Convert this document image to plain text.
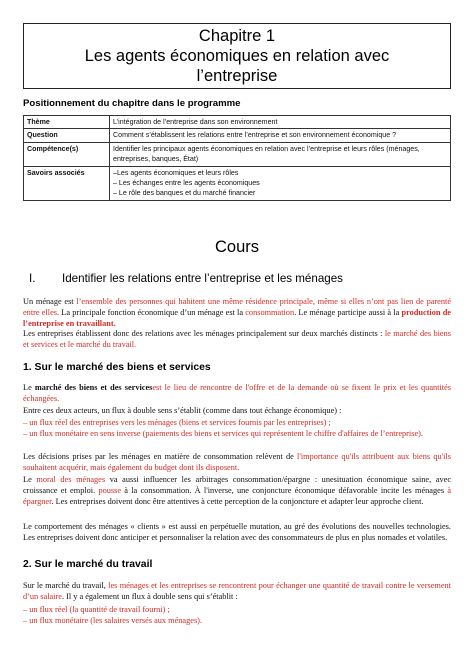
Chapitre 1
Les agents économiques en relation avec
l’entreprise
Positionnement du chapitre dans le programme
Thème	L’intégration de l’entreprise dans son environnement
Question	Comment s’établissent les relations entre l’entreprise et son environnement économique ?
Compétence(s)	Identifier les principaux agents économiques en relation avec l’entreprise et leurs rôles (ménages, entreprises, banques, État)
Savoirs associés	–Les agents économiques et leurs rôles
– Les échanges entre les agents économiques
– Le rôle des banques et du marché financier
Cours
I. Identifier les relations entre l’entreprise et les ménages

Un ménage est l’ensemble des personnes qui habitent une même résidence principale, même si elles n’ont pas lien de parenté entre elles. La principale fonction économique d’un ménage est la consommation. Le ménage participe aussi à la production de l’entreprise en travaillant.

Les entreprises établissent donc des relations avec les ménages principalement sur deux marchés distincts : le marché des biens et services et le marché du travail.

1. Sur le marché des biens et services

Le marché des biens et des servicesest le lieu de rencontre de l'offre et de la demande où se fixent le prix et les quantités échangées.

Entre ces deux acteurs, un flux à double sens s’établit (comme dans tout échange économique) :

– un flux réel des entreprises vers les ménages (biens et services fournis par les entreprises) ;

– un flux monétaire en sens inverse (paiements des biens et services qui représentent le chiffre d'affaires de l’entreprise).

Les décisions prises par les ménages en matière de consommation relèvent de l'importance qu'ils attribuent aux biens qu'ils souhaitent acquérir, mais également du budget dont ils disposent.

Le moral des ménages va aussi influencer les arbitrages consommation/épargne : unesituation économique saine, avec croissance et emploi. pousse à la consommation. À l'inverse, une conjoncture économique défavorable incite les ménages à épargner. Les entreprises doivent donc être attentives à cette perception de la conjoncture et adapter leur approche client.

Le comportement des ménages « clients » est aussi en perpétuelle mutation, au gré des évolutions des nouvelles technologies. Les entreprises doivent donc anticiper et personnaliser la relation avec des consommateurs de plus en plus nomades et volatiles.

2. Sur le marché du travail

Sur le marché du travail, les ménages et les entreprises se rencontrent pour échanger une quantité de travail contre le versement d’un salaire. Il y a également un flux à double sens qui s’établit :

– un flux réel (la quantité de travail fourni) ;

– un flux monétaire (les salaires versés aux ménages).
